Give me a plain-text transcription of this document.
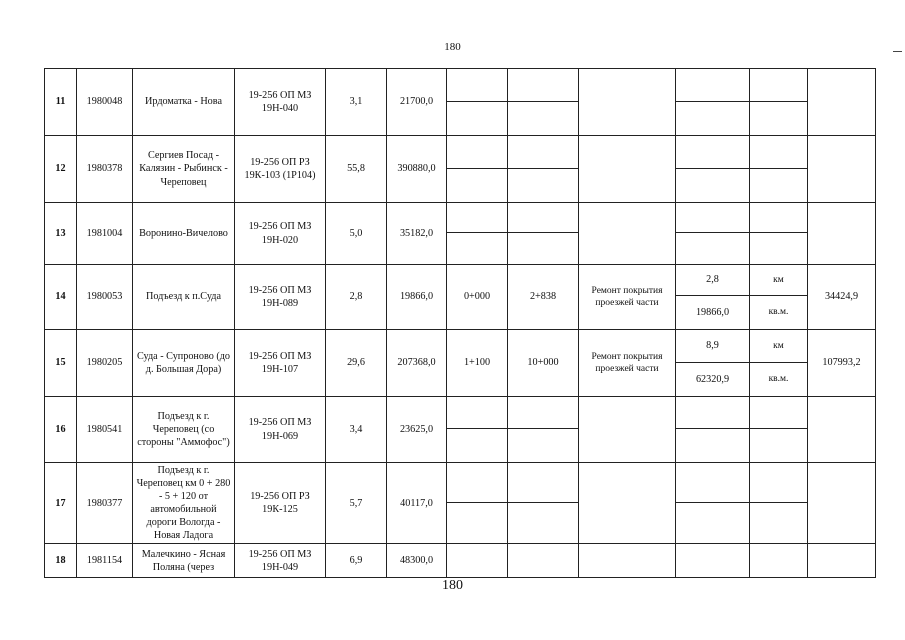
180
11	1980048	Ирдоматка - Нова	19-256 ОП МЗ 19Н-040	3,1	21700,0						

12	1980378	Сергиев Посад - Калязин - Рыбинск - Череповец	19-256 ОП РЗ 19К-103 (1Р104)	55,8	390880,0						

13	1981004	Воронино-Вичелово	19-256 ОП МЗ 19Н-020	5,0	35182,0						

14	1980053	Подъезд к п.Суда	19-256 ОП МЗ 19Н-089	2,8	19866,0	0+000	2+838	Ремонт покрытия проезжей части	2,8	км	34424,9
									19866,0	кв.м.	
15	1980205	Суда - Супроново (до д. Большая Дора)	19-256 ОП МЗ 19Н-107	29,6	207368,0	1+100	10+000	Ремонт покрытия проезжей части	8,9	км	107993,2
									62320,9	кв.м.	
16	1980541	Подъезд к г. Череповец (со стороны "Аммофос")	19-256 ОП МЗ 19Н-069	3,4	23625,0						

17	1980377	Подъезд к г. Череповец км 0 + 280 - 5 + 120 от автомобильной дороги Вологда - Новая Ладога	19-256 ОП РЗ 19К-125	5,7	40117,0						

18	1981154	Малечкино - Ясная Поляна (через	19-256 ОП МЗ 19Н-049	6,9	48300,0						
180
